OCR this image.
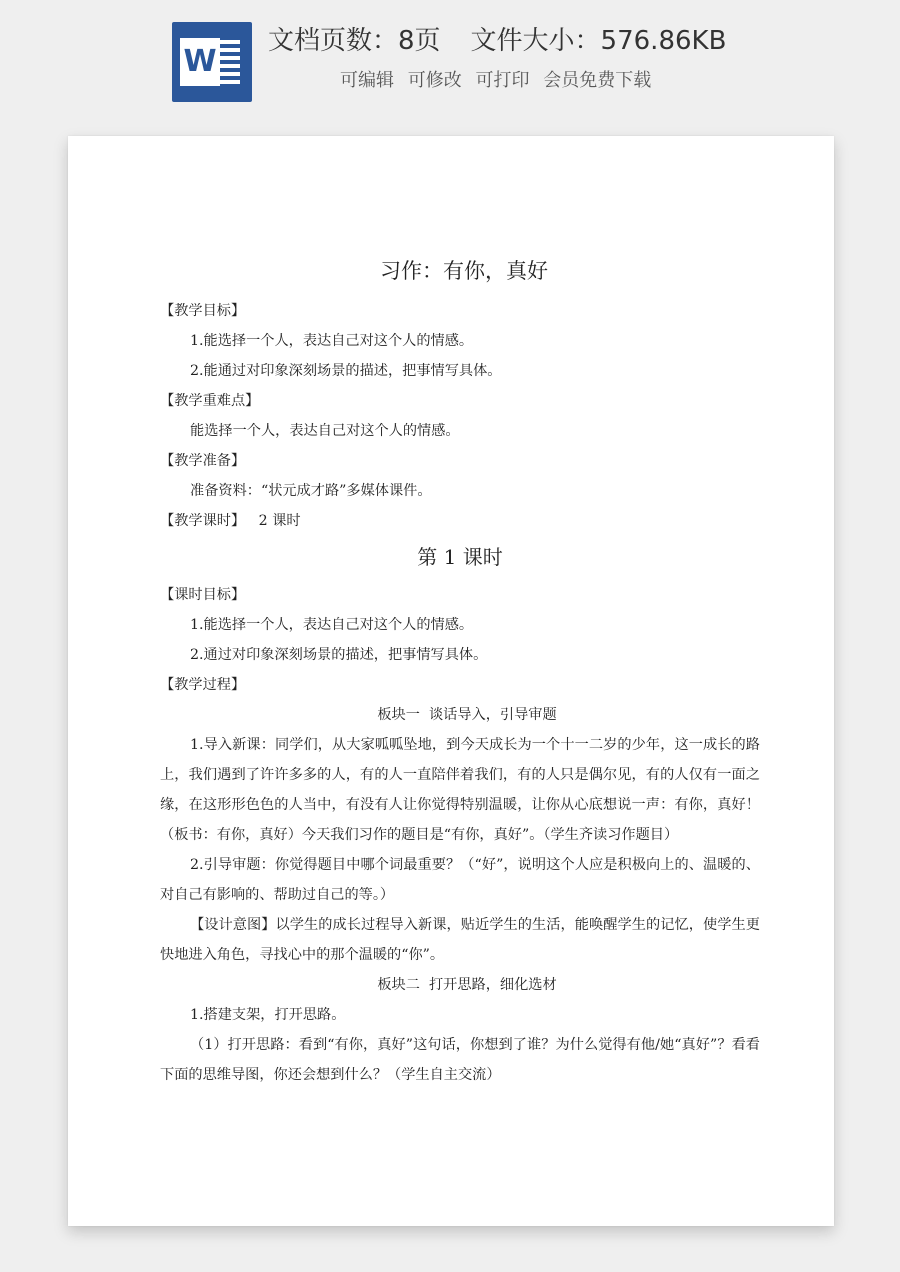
W
文档页数：8页 文件大小：576.86KB
可编辑 可修改 可打印 会员免费下载
习作：有你，真好

【教学目标】

1.能选择一个人，表达自己对这个人的情感。

2.能通过对印象深刻场景的描述，把事情写具体。

【教学重难点】

能选择一个人，表达自己对这个人的情感。

【教学准备】

准备资料：“状元成才路”多媒体课件。

【教学课时】 2 课时

第 1 课时

【课时目标】

1.能选择一个人，表达自己对这个人的情感。

2.通过对印象深刻场景的描述，把事情写具体。

【教学过程】

板块一  谈话导入，引导审题

1.导入新课：同学们，从大家呱呱坠地，到今天成长为一个十一二岁的少年，这一成长的路上，我们遇到了许许多多的人，有的人一直陪伴着我们，有的人只是偶尔见，有的人仅有一面之缘，在这形形色色的人当中，有没有人让你觉得特别温暖，让你从心底想说一声：有你，真好！（板书：有你，真好）今天我们习作的题目是“有你，真好”。（学生齐读习作题目）

2.引导审题：你觉得题目中哪个词最重要？（“好”，说明这个人应是积极向上的、温暖的、对自己有影响的、帮助过自己的等。）

【设计意图】以学生的成长过程导入新课，贴近学生的生活，能唤醒学生的记忆，使学生更快地进入角色，寻找心中的那个温暖的“你”。

板块二  打开思路，细化选材

1.搭建支架，打开思路。

（1）打开思路：看到“有你，真好”这句话，你想到了谁？为什么觉得有他/她“真好”？看看下面的思维导图，你还会想到什么？（学生自主交流）
